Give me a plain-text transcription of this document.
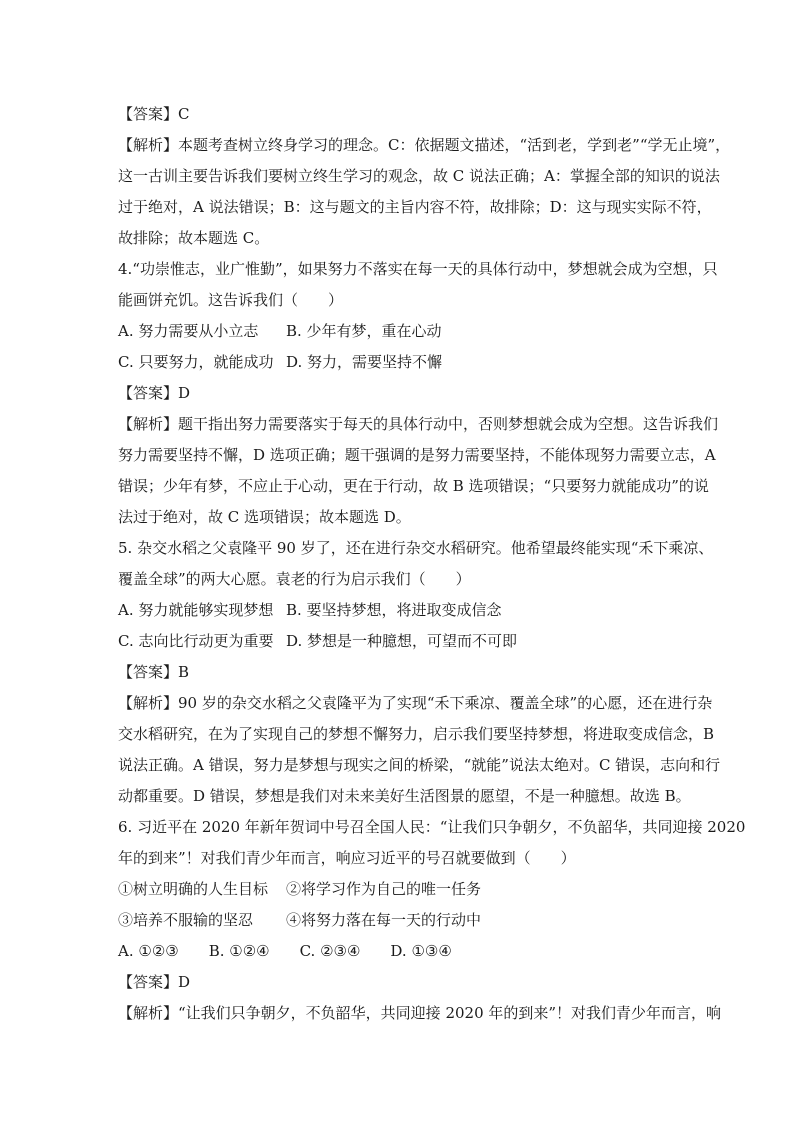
【答案】C
【解析】本题考查树立终身学习的理念。C：依据题文描述，“活到老，学到老”“学无止境”，
这一古训主要告诉我们要树立终生学习的观念，故 C 说法正确；A：掌握全部的知识的说法
过于绝对，A 说法错误；B：这与题文的主旨内容不符，故排除；D：这与现实实际不符，
故排除；故本题选 C。
4.“功崇惟志，业广惟勤”，如果努力不落实在每一天的具体行动中，梦想就会成为空想，只
能画饼充饥。这告诉我们（　　）
A. 努力需要从小立志 B. 少年有梦，重在心动
C. 只要努力，就能成功 D. 努力，需要坚持不懈
【答案】D
【解析】题干指出努力需要落实于每天的具体行动中，否则梦想就会成为空想。这告诉我们
努力需要坚持不懈，D 选项正确；题干强调的是努力需要坚持，不能体现努力需要立志，A
错误；少年有梦，不应止于心动，更在于行动，故 B 选项错误；“只要努力就能成功”的说
法过于绝对，故 C 选项错误；故本题选 D。
5. 杂交水稻之父袁隆平 90 岁了，还在进行杂交水稻研究。他希望最终能实现“禾下乘凉、
覆盖全球”的两大心愿。袁老的行为启示我们（　　）
A. 努力就能够实现梦想 B. 要坚持梦想，将进取变成信念
C. 志向比行动更为重要 D. 梦想是一种臆想，可望而不可即
【答案】B
【解析】90 岁的杂交水稻之父袁隆平为了实现“禾下乘凉、覆盖全球”的心愿，还在进行杂
交水稻研究，在为了实现自己的梦想不懈努力，启示我们要坚持梦想，将进取变成信念，B
说法正确。A 错误，努力是梦想与现实之间的桥梁，“就能”说法太绝对。C 错误，志向和行
动都重要。D 错误，梦想是我们对未来美好生活图景的愿望，不是一种臆想。故选 B。
6. 习近平在 2020 年新年贺词中号召全国人民：“让我们只争朝夕，不负韶华，共同迎接 2020
年的到来”！对我们青少年而言，响应习近平的号召就要做到（　　）
①树立明确的人生目标 ②将学习作为自己的唯一任务
③培养不服输的坚忍 ④将努力落在每一天的行动中
A. ①②③　　B. ①②④　　C. ②③④　　D. ①③④
【答案】D
【解析】“让我们只争朝夕，不负韶华，共同迎接 2020 年的到来”！对我们青少年而言，响
